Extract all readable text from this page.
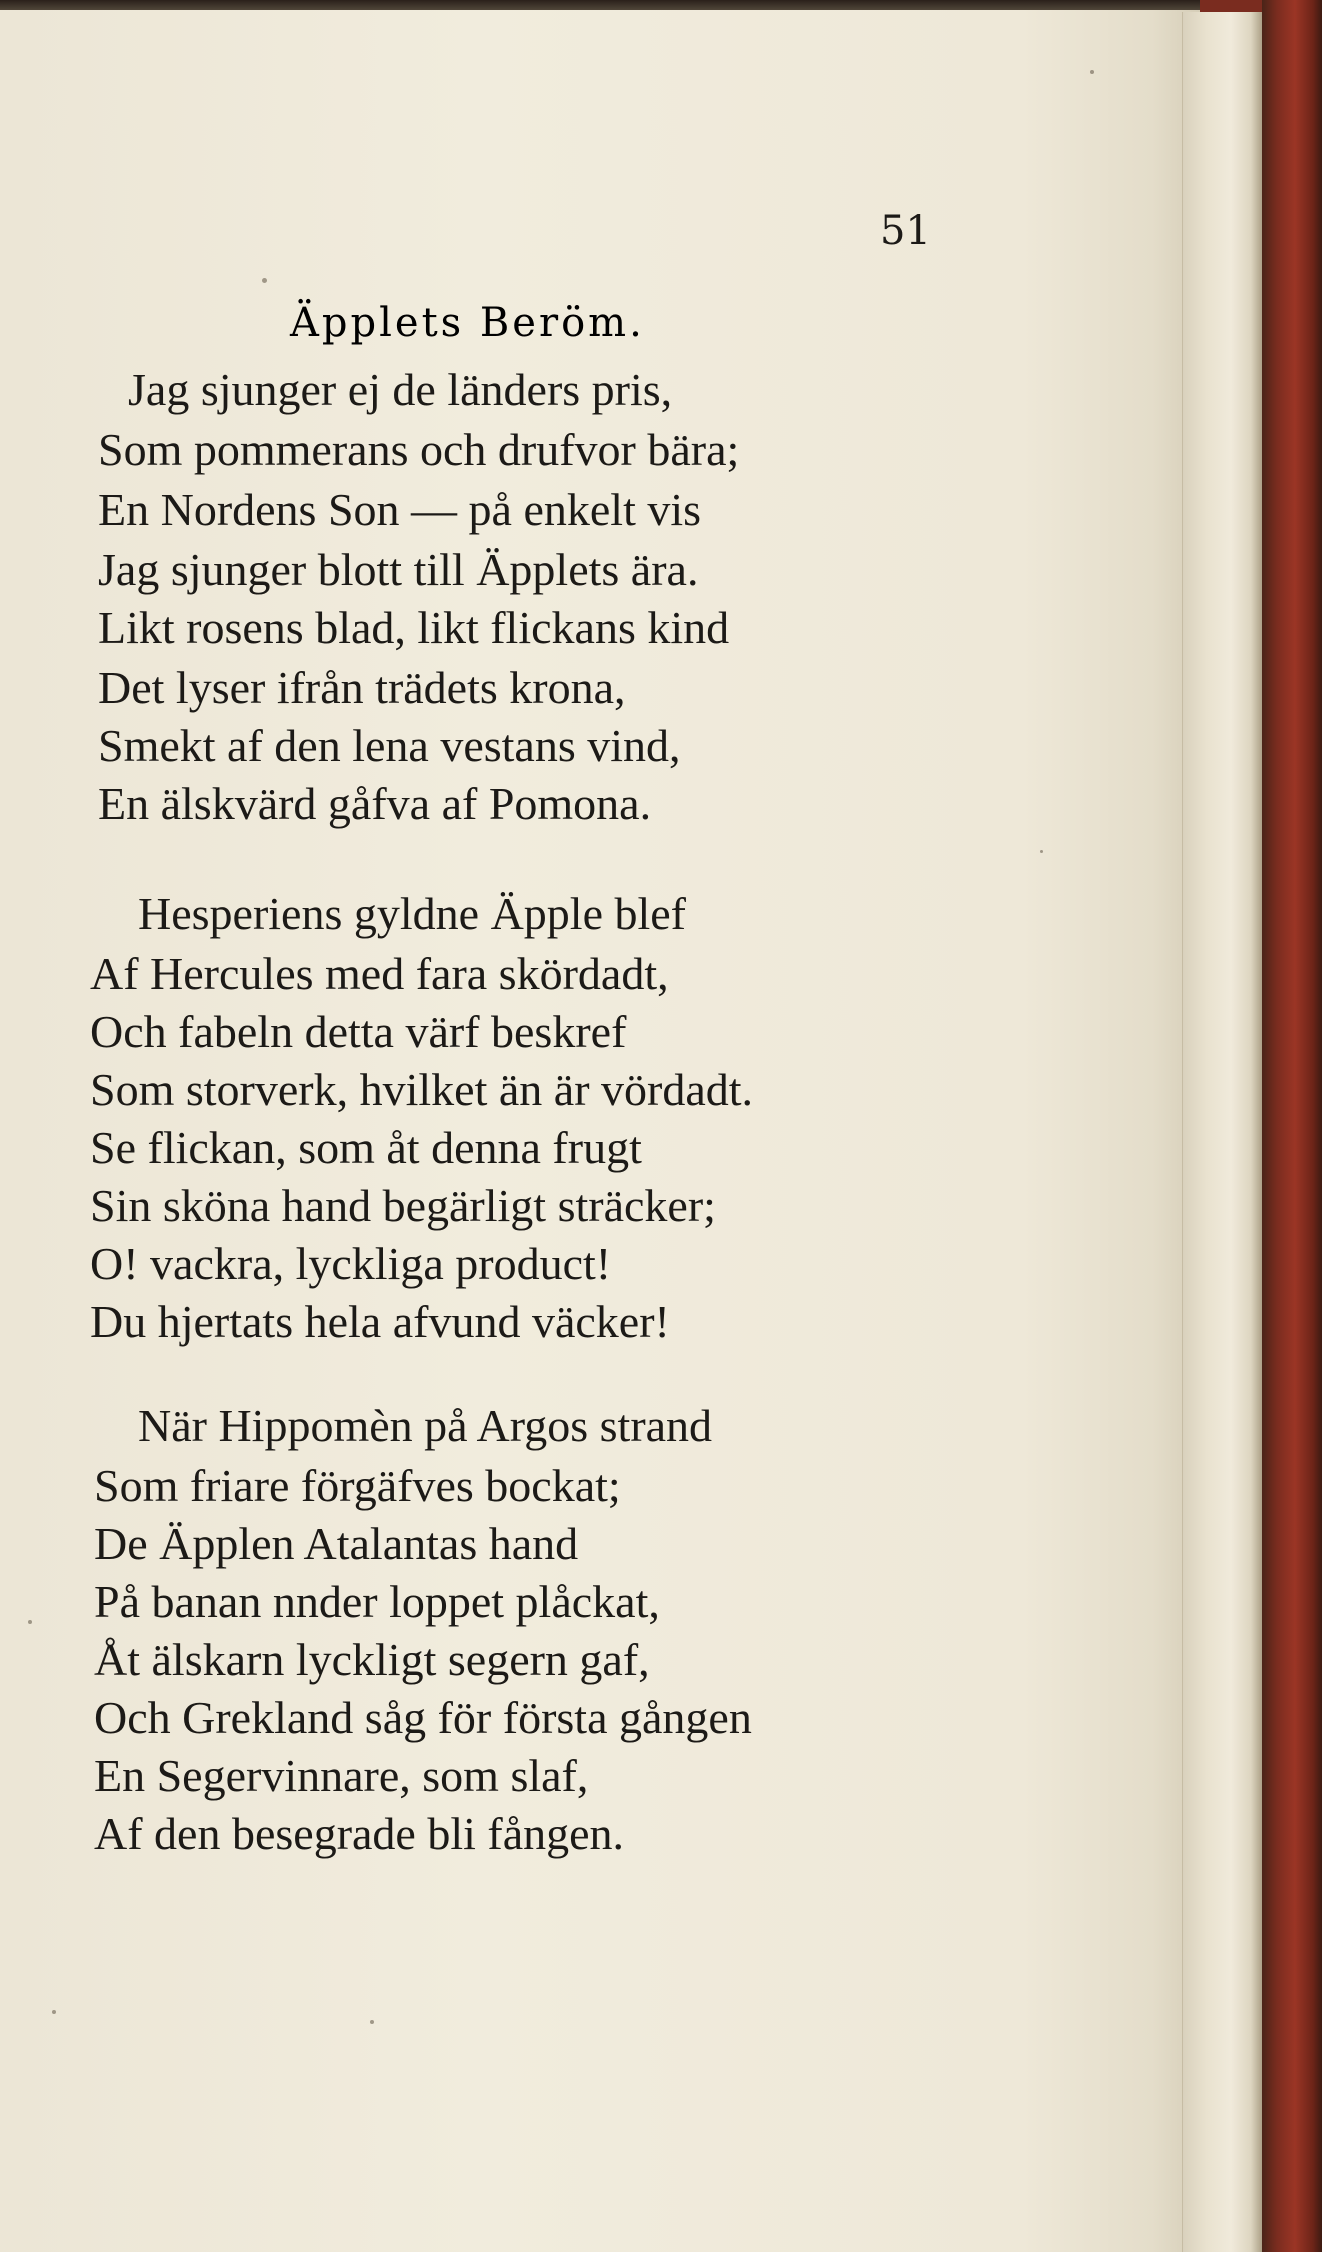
51
Äpplets Beröm.
Jag sjunger ej de länders pris,
Som pommerans och drufvor bära;
En Nordens Son — på enkelt vis
Jag sjunger blott till Äpplets ära.
Likt rosens blad, likt flickans kind
Det lyser ifrån trädets krona,
Smekt af den lena vestans vind,
En älskvärd gåfva af Pomona.
Hesperiens gyldne Äpple blef
Af Hercules med fara skördadt,
Och fabeln detta värf beskref
Som storverk, hvilket än är vördadt.
Se flickan, som åt denna frugt
Sin sköna hand begärligt sträcker;
O! vackra, lyckliga product!
Du hjertats hela afvund väcker!
När Hippomèn på Argos strand
Som friare förgäfves bockat;
De Äpplen Atalantas hand
På banan nnder loppet plåckat,
Åt älskarn lyckligt segern gaf,
Och Grekland såg för första gången
En Segervinnare, som slaf,
Af den besegrade bli fången.
